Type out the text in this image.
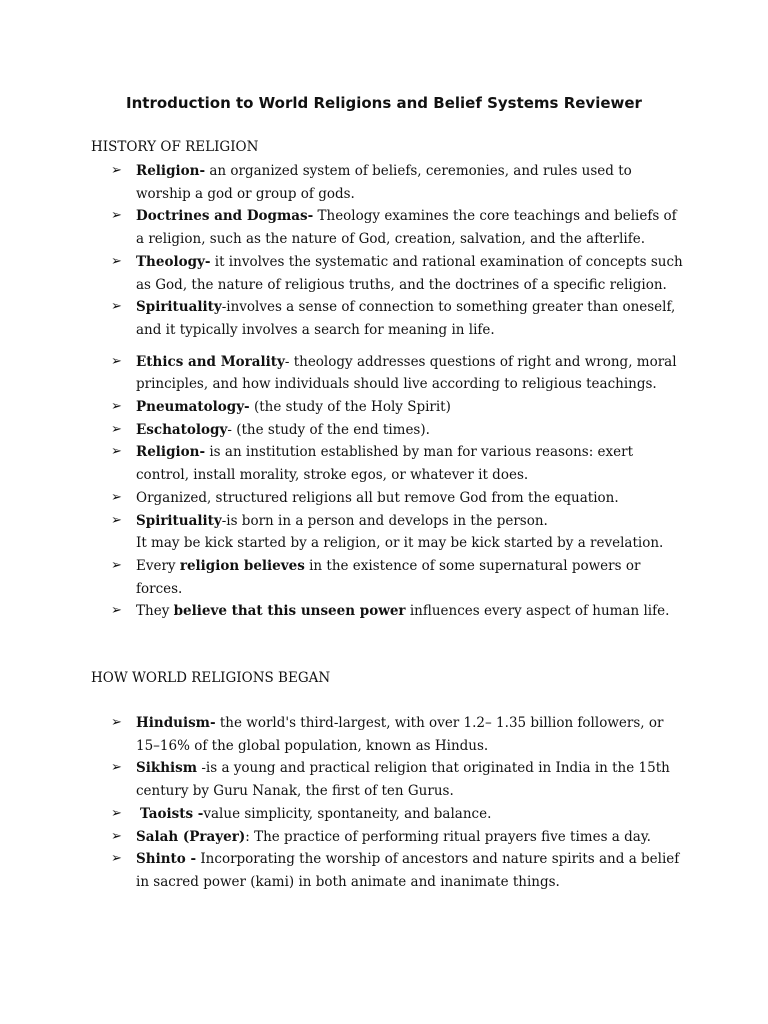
Introduction to World Religions and Belief Systems Reviewer
HISTORY OF RELIGION
➢ Religion- an organized system of beliefs, ceremonies, and rules used to worship a god or group of gods.
➢ Doctrines and Dogmas- Theology examines the core teachings and beliefs of a religion, such as the nature of God, creation, salvation, and the afterlife.
➢ Theology- it involves the systematic and rational examination of concepts such as God, the nature of religious truths, and the doctrines of a specific religion.
➢ Spirituality-involves a sense of connection to something greater than oneself, and it typically involves a search for meaning in life.
➢ Ethics and Morality- theology addresses questions of right and wrong, moral principles, and how individuals should live according to religious teachings.
➢ Pneumatology- (the study of the Holy Spirit)
➢ Eschatology- (the study of the end times).
➢ Religion- is an institution established by man for various reasons: exert control, install morality, stroke egos, or whatever it does.
➢ Organized, structured religions all but remove God from the equation.
➢ Spirituality-is born in a person and develops in the person.
It may be kick started by a religion, or it may be kick started by a revelation.
➢ Every religion believes in the existence of some supernatural powers or forces.
➢ They believe that this unseen power influences every aspect of human life.
HOW WORLD RELIGIONS BEGAN
➢ Hinduism- the world's third-largest, with over 1.2– 1.35 billion followers, or 15–16% of the global population, known as Hindus.
➢ Sikhism -is a young and practical religion that originated in India in the 15th century by Guru Nanak, the first of ten Gurus.
➢ Taoists -value simplicity, spontaneity, and balance.
➢ Salah (Prayer): The practice of performing ritual prayers five times a day.
➢ Shinto - Incorporating the worship of ancestors and nature spirits and a belief in sacred power (kami) in both animate and inanimate things.
